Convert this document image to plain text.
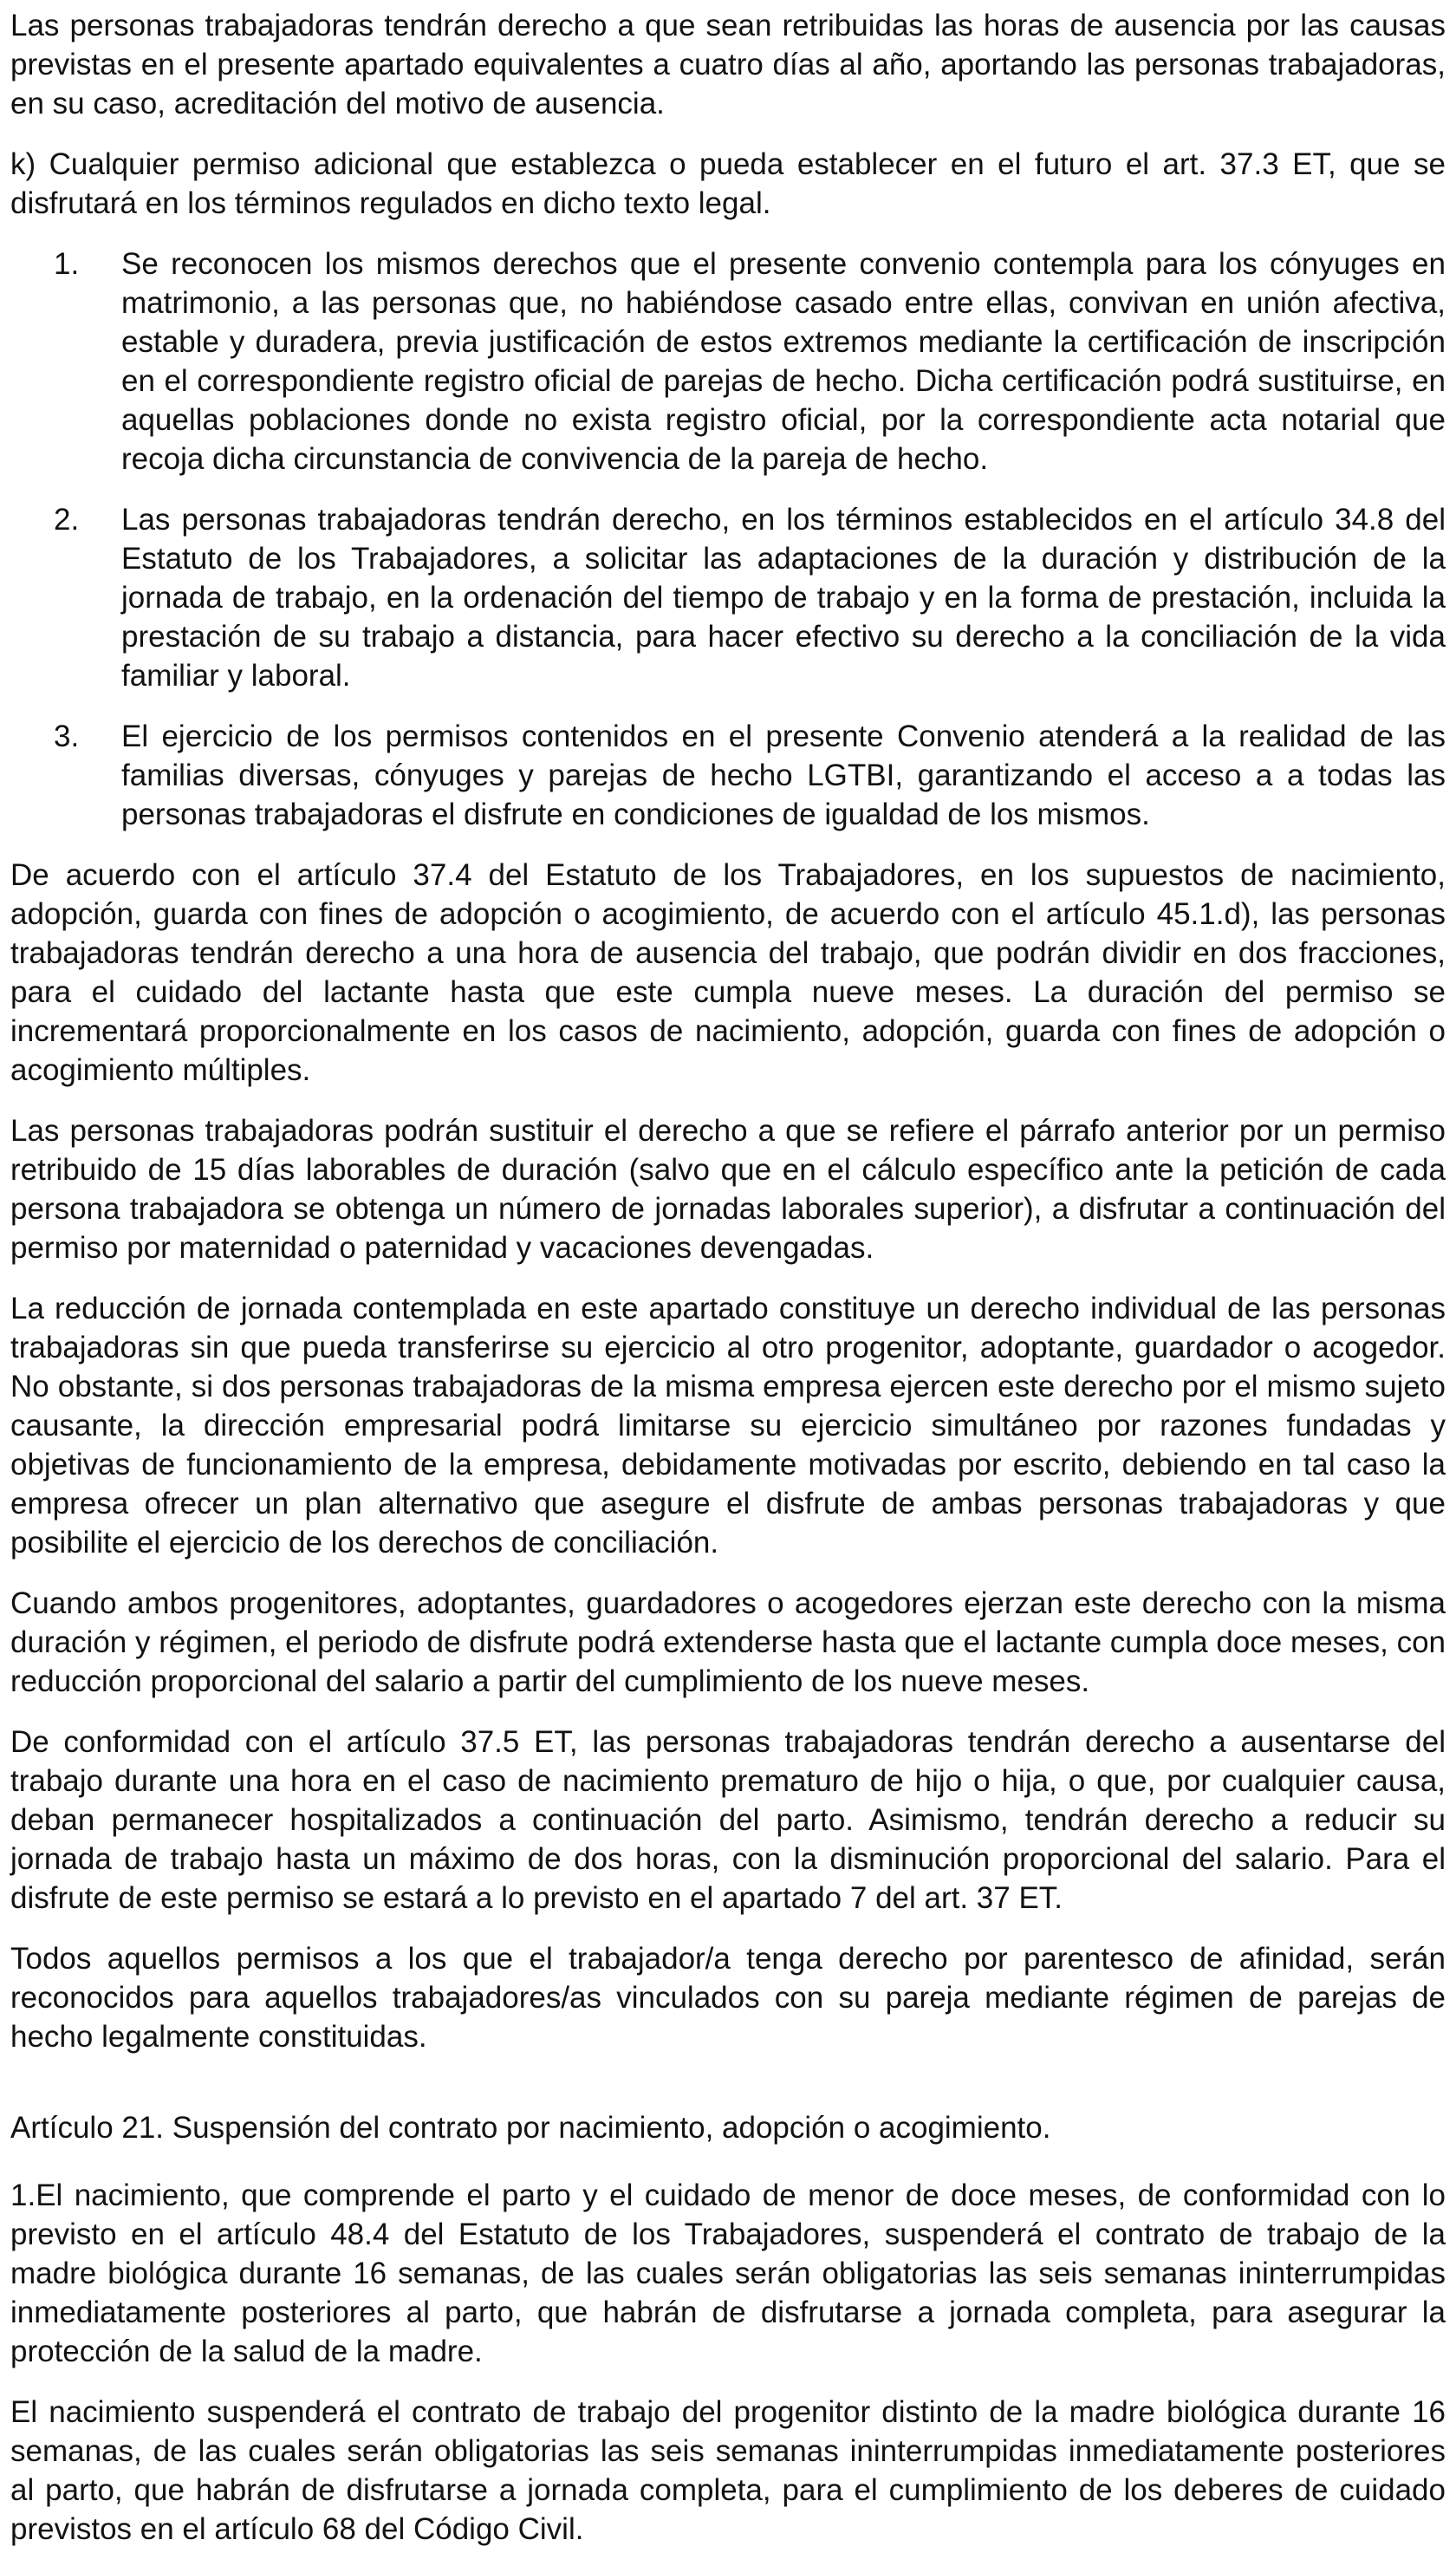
Las personas trabajadoras tendrán derecho a que sean retribuidas las horas de ausencia por las causas previstas en el presente apartado equivalentes a cuatro días al año, aportando las personas trabajadoras, en su caso, acreditación del motivo de ausencia.
k) Cualquier permiso adicional que establezca o pueda establecer en el futuro el art. 37.3 ET, que se disfrutará en los términos regulados en dicho texto legal.
1. Se reconocen los mismos derechos que el presente convenio contempla para los cónyuges en matrimonio, a las personas que, no habiéndose casado entre ellas, convivan en unión afectiva, estable y duradera, previa justificación de estos extremos mediante la certificación de inscripción en el correspondiente registro oficial de parejas de hecho. Dicha certificación podrá sustituirse, en aquellas poblaciones donde no exista registro oficial, por la correspondiente acta notarial que recoja dicha circunstancia de convivencia de la pareja de hecho.
2. Las personas trabajadoras tendrán derecho, en los términos establecidos en el artículo 34.8 del Estatuto de los Trabajadores, a solicitar las adaptaciones de la duración y distribución de la jornada de trabajo, en la ordenación del tiempo de trabajo y en la forma de prestación, incluida la prestación de su trabajo a distancia, para hacer efectivo su derecho a la conciliación de la vida familiar y laboral.
3. El ejercicio de los permisos contenidos en el presente Convenio atenderá a la realidad de las familias diversas, cónyuges y parejas de hecho LGTBI, garantizando el acceso a a todas las personas trabajadoras el disfrute en condiciones de igualdad de los mismos.
De acuerdo con el artículo 37.4 del Estatuto de los Trabajadores, en los supuestos de nacimiento, adopción, guarda con fines de adopción o acogimiento, de acuerdo con el artículo 45.1.d), las personas trabajadoras tendrán derecho a una hora de ausencia del trabajo, que podrán dividir en dos fracciones, para el cuidado del lactante hasta que este cumpla nueve meses. La duración del permiso se incrementará proporcionalmente en los casos de nacimiento, adopción, guarda con fines de adopción o acogimiento múltiples.
Las personas trabajadoras podrán sustituir el derecho a que se refiere el párrafo anterior por un permiso retribuido de 15 días laborables de duración (salvo que en el cálculo específico ante la petición de cada persona trabajadora se obtenga un número de jornadas laborales superior), a disfrutar a continuación del permiso por maternidad o paternidad y vacaciones devengadas.
La reducción de jornada contemplada en este apartado constituye un derecho individual de las personas trabajadoras sin que pueda transferirse su ejercicio al otro progenitor, adoptante, guardador o acogedor. No obstante, si dos personas trabajadoras de la misma empresa ejercen este derecho por el mismo sujeto causante, la dirección empresarial podrá limitarse su ejercicio simultáneo por razones fundadas y objetivas de funcionamiento de la empresa, debidamente motivadas por escrito, debiendo en tal caso la empresa ofrecer un plan alternativo que asegure el disfrute de ambas personas trabajadoras y que posibilite el ejercicio de los derechos de conciliación.
Cuando ambos progenitores, adoptantes, guardadores o acogedores ejerzan este derecho con la misma duración y régimen, el periodo de disfrute podrá extenderse hasta que el lactante cumpla doce meses, con reducción proporcional del salario a partir del cumplimiento de los nueve meses.
De conformidad con el artículo 37.5 ET, las personas trabajadoras tendrán derecho a ausentarse del trabajo durante una hora en el caso de nacimiento prematuro de hijo o hija, o que, por cualquier causa, deban permanecer hospitalizados a continuación del parto. Asimismo, tendrán derecho a reducir su jornada de trabajo hasta un máximo de dos horas, con la disminución proporcional del salario. Para el disfrute de este permiso se estará a lo previsto en el apartado 7 del art. 37 ET.
Todos aquellos permisos a los que el trabajador/a tenga derecho por parentesco de afinidad, serán reconocidos para aquellos trabajadores/as vinculados con su pareja mediante régimen de parejas de hecho legalmente constituidas.
Artículo 21. Suspensión del contrato por nacimiento, adopción o acogimiento.
1.El nacimiento, que comprende el parto y el cuidado de menor de doce meses, de conformidad con lo previsto en el artículo 48.4 del Estatuto de los Trabajadores, suspenderá el contrato de trabajo de la madre biológica durante 16 semanas, de las cuales serán obligatorias las seis semanas ininterrumpidas inmediatamente posteriores al parto, que habrán de disfrutarse a jornada completa, para asegurar la protección de la salud de la madre.
El nacimiento suspenderá el contrato de trabajo del progenitor distinto de la madre biológica durante 16 semanas, de las cuales serán obligatorias las seis semanas ininterrumpidas inmediatamente posteriores al parto, que habrán de disfrutarse a jornada completa, para el cumplimiento de los deberes de cuidado previstos en el artículo 68 del Código Civil.
